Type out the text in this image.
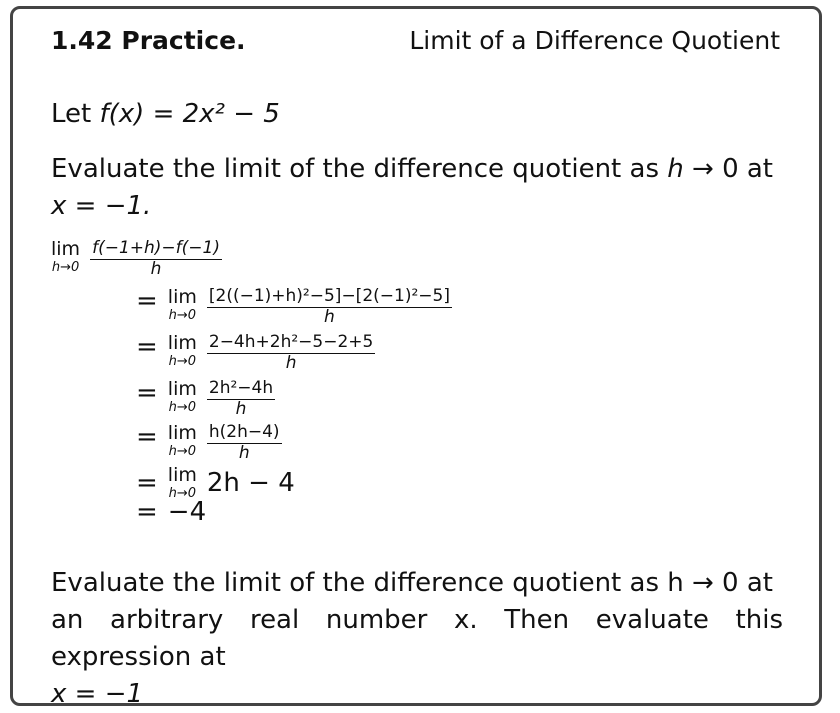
1.42 Practice.	Limit of a Difference Quotient
Let f(x) = 2x² − 5
Evaluate the limit of the difference quotient as h → 0 at
x = −1.
lim
$h\to 0 \frac{f(-1+h)-f(-1)}{h}$
= lim
$h\to 0 \frac{\text{[2((−1)+h)²−5]−[2(−1)²−5]}}{h}$
= lim
$h\to 0 \frac{\text{2−4h+2h²−5−2+5}}{h}$
= lim
$h\to 0 \frac{\text{2h²−4h}}{h}$
= lim
$h\to 0 \frac{h(2h-4)}{h}$
= lim
h→0 2h − 4
= −4
Evaluate the limit of the difference quotient as h → 0 at
an arbitrary real number x. Then evaluate this expression at
x = −1
